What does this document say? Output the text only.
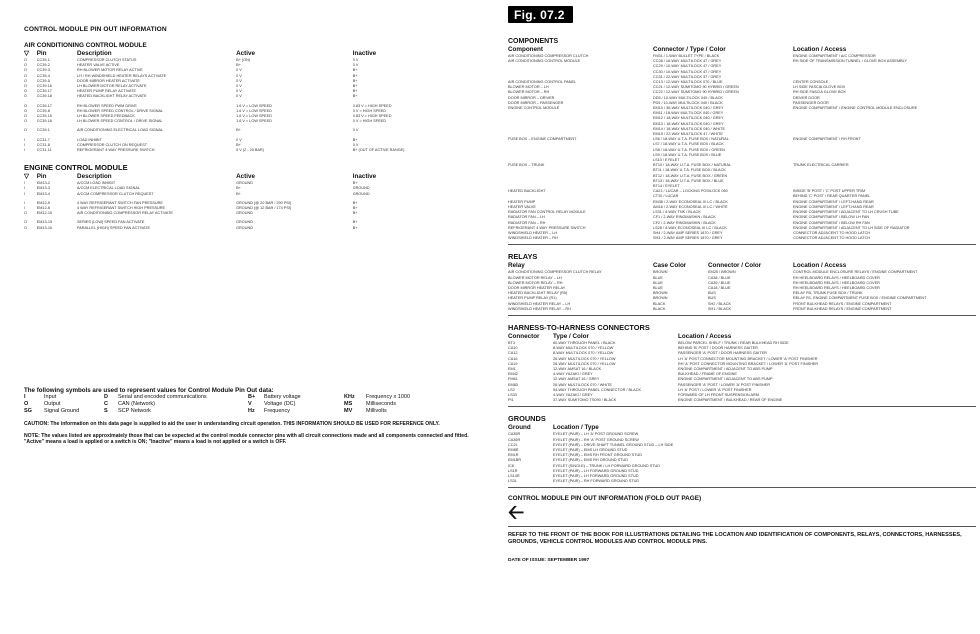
CONTROL MODULE PIN OUT INFORMATION
AIR CONDITIONING CONTROL MODULE
▽	Pin	Description	Active	Inactive
O	CC39-1	COMPRESSOR CLUTCH STATUS	B+ (ON)	0 V
O	CC39-2	HEATER VALVE ACTIVE	B+	0 V
O	CC39-3	RH BLOWER MOTOR RELAY ACTIVE	0 V	B+
O	CC39-4	LH / RH WINDSHIELD HEATER RELAYS ACTIVATE	0 V	B+
O	CC39-5	DOOR MIRROR HEATER ACTIVATE	0 V	B+
O	CC39-16	LH BLOWER MOTOR RELAY ACTIVATE	0 V	B+
O	CC39-17	HEATER PUMP RELAY ACTIVATE	0 V	B+
O	CC39-18	HEATED BACKLIGHT RELAY ACTIVATE	0 V	B+

O	CC39-17	RH BLOWER SPEED PWM DRIVE	1.6 V = LOW SPEED	0.83 V = HIGH SPEED
O	CC39-8	RH BLOWER SPEED CONTROL / DRIVE SIGNAL	1.6 V = LOW SPEED	0 V = HIGH SPEED
O	CC39-15	LH BLOWER SPEED FEEDBACK	1.6 V = LOW SPEED	0.83 V = HIGH SPEED
O	CC39-16	LH BLOWER SPEED CONTROL / DRIVE SIGNAL	1.6 V = LOW SPEED	0 V = HIGH SPEED

O	CC39-1	AIR CONDITIONING ELECTRICAL LOAD SIGNAL	B+	0 V

I	CC31-7	LOAD INHIBIT	0 V	B+
I	CC31-8	COMPRESSOR CLUTCH ON REQUEST	B+	0 V
I	CC31-11	REFRIGERANT 4 WAY PRESSURE SWITCH	5 V (2 - 20 BAR)	B+ (OUT OF ACTIVE RANGE)
ENGINE CONTROL MODULE
▽	Pin	Description	Active	Inactive
I	EM13-2	A/CCM LOAD INHIBIT	GROUND	B+
I	EM13-3	A/CCM ELECTRICAL LOAD SIGNAL	B+	GROUND
I	EM13-4	A/CCM COMPRESSOR CLUTCH REQUEST	B+	GROUND

I	EM12-5	4 WAY REFRIGERANT SWITCH FAN PRESSURE	GROUND (@ 20 BAR / 290 PSI)	B+
I	EM12-6	4 WAY REFRIGERANT SWITCH HIGH PRESSURE	GROUND (@ 12 BAR / 174 PSI)	B+
O	EM12-10	AIR CONDITIONING COMPRESSOR RELAY ACTIVATE	GROUND	B+

O	EM13-15	SERIES (LOW) SPEED FAN ACTIVATE	GROUND	B+
O	EM13-16	PARALLEL (HIGH) SPEED FAN ACTIVATE	GROUND	B+
The following symbols are used to represent values for Control Module Pin Out data:
I	Input	D	Serial and encoded communications	B+	Battery voltage	KHz	Frequency x 1000
O	Output	C	CAN (Network)	V	Voltage (DC)	MS	Milliseconds
SG	Signal Ground	S	SCP Network	Hz	Frequency	MV	Millivolts
CAUTION: The information on this data page is supplied to aid the user in understanding circuit operation. THIS INFORMATION SHOULD BE USED FOR REFERENCE ONLY.
NOTE: The values listed are approximately those that can be expected at the control module connector pins with all circuit connections made and all components connected and fitted. "Active" means a load is applied or a switch is ON; "Inactive" means a load is not applied or a switch is OFF.
Fig. 07.2
COMPONENTS
Component	Connector / Type / Color	Location / Access
AIR CONDITIONING COMPRESSOR CLUTCH	FM31 / 1-WAY BULLET TYPE / BLACK	ENGINE COMPARTMENT / A/C COMPRESSOR
AIR CONDITIONING CONTROL MODULE	CC28 / 16-WAY MULTILOCK 47 / GREY	RH SIDE OF TRANSMISSION TUNNEL / GLOVE BOX ASSEMBLY
	CC29 / 10-WAY MULTILOCK 47 / GREY	
	CC30 / 10-WAY MULTILOCK 47 / GREY	
	CC31 / 22-WAY MULTILOCK 47 / GREY	
AIR CONDITIONING CONTROL PANEL	CC13 / 12-WAY MULTILOCK 070 / BLUE	CENTER CONSOLE
BLOWER MOTOR – LH	CC21 / 12-WAY SUMITOMO 90 HYBRID / GREEN	LH SIDE FASCIA GLOVE BOX
BLOWER MOTOR – RH	CC22 / 12-WAY SUMITOMO 90 HYBRID / GREEN	RH SIDE FASCIA GLOVE BOX
DOOR MIRROR – DRIVER	DD5 / 10-WAY MULTILOCK 040 / BLACK	DRIVER DOOR
DOOR MIRROR – PASSENGER	PD5 / 10-WAY MULTILOCK 040 / BLACK	PASSENGER DOOR
ENGINE CONTROL MODULE	EM10 / 36-WAY MULTILOCK 040 / GREY	ENGINE COMPARTMENT / ENGINE CONTROL MODULE ENCLOSURE
	EM11 / 18-WAY MULTILOCK 040 / GREY	
	EM12 / 18-WAY MULTILOCK 040 / GREY	
	EM13 / 18-WAY MULTILOCK 040 / GREY	
	EM14 / 18-WAY MULTILOCK 040 / WHITE	
	EM15 / 22-WAY MULTILOCK 47 / WHITE	
FUSE BOX – ENGINE COMPARTMENT	LS6 / 18-WAY U.T.A. FUSE BOX / NATURAL	ENGINE COMPARTMENT / RH FRONT
	LS7 / 18-WAY U.T.A. FUSE BOX / BLACK	
	LS8 / 18-WAY U.T.A. FUSE BOX / GREEN	
	LS9 / 18-WAY U.T.A. FUSE BOX / BLUE	
	LS10 / EYELET	
FUSE BOX – TRUNK	BT10 / 18-WAY U.T.A. FUSE BOX / NATURAL	TRUNK ELECTRICAL CARRIER
	BT11 / 18-WAY U.T.A. FUSE BOX / BLACK	
	BT12 / 18-WAY U.T.A. FUSE BOX / GREEN	
	BT13 / 18-WAY U.T.A. FUSE BOX / BLUE	
	BT14 / EYELET	
HEATED BACKLIGHT	CA21 / LUCAR – LOCKING POSILOCK 060	INSIDE 'B' POST / 'C' POST UPPER TRIM
	CT10 / LUCAR	BEHIND 'C' POST / REAR QUARTER PANEL
HEATER PUMP	EM38 / 2-WAY ECONOSEAL III LC / BLACK	ENGINE COMPARTMENT / LEFT-HAND REAR
HEATER VALVE	AM16 / 2-WAY ECONOSEAL III LC / WHITE	ENGINE COMPARTMENT / LEFT-HAND REAR
RADIATOR FAN CONTROL RELAY MODULE	LS31 / 4-WAY TNK / BLACK	ENGINE COMPARTMENT / ADJACENT TO LH CRUSH TUBE
RADIATOR FAN – LH	CF1 / 2-WAY RINGMASHIN / BLACK	ENGINE COMPARTMENT / BELOW LH FAN
RADIATOR FAN – RH	CF2 / 2-WAY RINGMASHIN / BLACK	ENGINE COMPARTMENT / BELOW RH FAN
REFRIGERANT 4 WAY PRESSURE SWITCH	LS28 / 4-WAY ECONOSEAL III LC / BLACK	ENGINE COMPARTMENT / ADJACENT TO LH SIDE OF RADIATOR
WINDSHIELD HEATER – LH	SH4 / 2-WAY AMP SERIES 1870 / GREY	CONNECTOR ADJACENT TO HOOD LATCH
WINDSHIELD HEATER – RH	SH3 / 2-WAY AMP SERIES 1870 / GREY	CONNECTOR ADJACENT TO HOOD LATCH
RELAYS
Relay	Case Color	Connector / Color	Location / Access
AIR CONDITIONING COMPRESSOR CLUTCH RELAY	BROWN	EM25 / BROWN	CONTROL MODULE ENCLOSURE RELAYS / ENGINE COMPARTMENT
BLOWER MOTOR RELAY – LH	BLUE	CA38 / BLUE	RH HEELBOARD RELAYS / HEELBOARD COVER
BLOWER MOTOR RELAY – RH	BLUE	CA39 / BLUE	RH HEELBOARD RELAYS / HEELBOARD COVER
DOOR MIRROR HEATER RELAY	BLUE	CA18 / BLUE	RH HEELBOARD RELAYS / HEELBOARD COVER
HEATED BACKLIGHT RELAY (R5)	BROWN	BUS	RELAY R5, TRUNK FUSE BOX / TRUNK
HEATER PUMP RELAY (R1)	BROWN	BUS	RELAY R1, ENGINE COMPARTMENT FUSE BOX / ENGINE COMPARTMENT
WINDSHIELD HEATER RELAY – LH	BLACK	SH2 / BLACK	FRONT BULKHEAD RELAYS / ENGINE COMPARTMENT
WINDSHIELD HEATER RELAY – RH	BLACK	SH1 / BLACK	FRONT BULKHEAD RELAYS / ENGINE COMPARTMENT
HARNESS-TO-HARNESS CONNECTORS
Connector	Type / Color	Location / Access
BT3	60-WAY THROUGH PANEL / BLACK	BELOW PARCEL SHELF / TRUNK / REAR BULKHEAD RH SIDE
CA10	8-WAY MULTILOCK 070 / YELLOW	BEHIND 'B' POST / DOOR HARNESS GAITER
CA12	8-WAY MULTILOCK 070 / YELLOW	PASSENGER 'A' POST / DOOR HARNESS GAITER
CA16	26-WAY MULTILOCK 070 / YELLOW	LH 'A' POST CONNECTOR MOUNTING BRACKET / LOWER 'A' POST FINISHER
CA19	26-WAY MULTILOCK 070 / YELLOW	RH 'A' POST CONNECTOR MOUNTING BRACKET / LOWER 'A' POST FINISHER
EM1	12-WAY AMSAT 16 / BLACK	ENGINE COMPARTMENT / ADJACENT TO ABS PUMP
EM42	4-WAY YAZAKI / GREY	BULKHEAD / FRAME OF ENGINE
FM61	12-WAY AMSAT 16 / GREY	ENGINE COMPARTMENT / ADJACENT TO ABS PUMP
EM83	26-WAY MULTILOCK 070 / WHITE	PASSENGER 'A' POST / LOWER 'A' POST FINISHER
LS2	54-WAY THROUGH PANEL CONNECTOR / BLACK	LH 'A' POST / LOWER 'A' POST FINISHER
LS33	4-WAY YAZAKI / GREY	FORWARD OF LH FRONT SUSPENSION ARM
PI1	37-WAY SUMITOMO TS090 / BLACK	ENGINE COMPARTMENT / BULKHEAD / REAR OF ENGINE
GROUNDS
Ground	Location / Type
CA35R	EYELET (PAIR) – LH 'A' POST GROUND SCREW
CA36R	EYELET (PAIR) – RH 'A' POST GROUND SCREW
CC2L	EYELET (PAIR) – DRIVE SHAFT TUNNEL GROUND STUD – LH SIDE
EM8R	EYELET (PAIR) – EMS LH GROUND STUD
EM1R	EYELET (PAIR) – EMS RH FRONT GROUND STUD
EM1BR	EYELET (PAIR) – EMS RH GROUND STUD
IC8	EYELET (SINGLE) – TRUNK / LH FORWARD GROUND STUD
LS1R	EYELET (PAIR) – LH FORWARD GROUND STUD
LS14R	EYELET (PAIR) – LH FORWARD GROUND STUD
LS3L	EYELET (PAIR) – RH FORWARD GROUND STUD
CONTROL MODULE PIN OUT INFORMATION (FOLD OUT PAGE)
🡠
REFER TO THE FRONT OF THE BOOK FOR ILLUSTRATIONS DETAILING THE LOCATION AND IDENTIFICATION OF COMPONENTS, RELAYS, CONNECTORS, HARNESSES, GROUNDS, VEHICLE CONTROL MODULES AND CONTROL MODULE PINS.
DATE OF ISSUE: SEPTEMBER 1997
